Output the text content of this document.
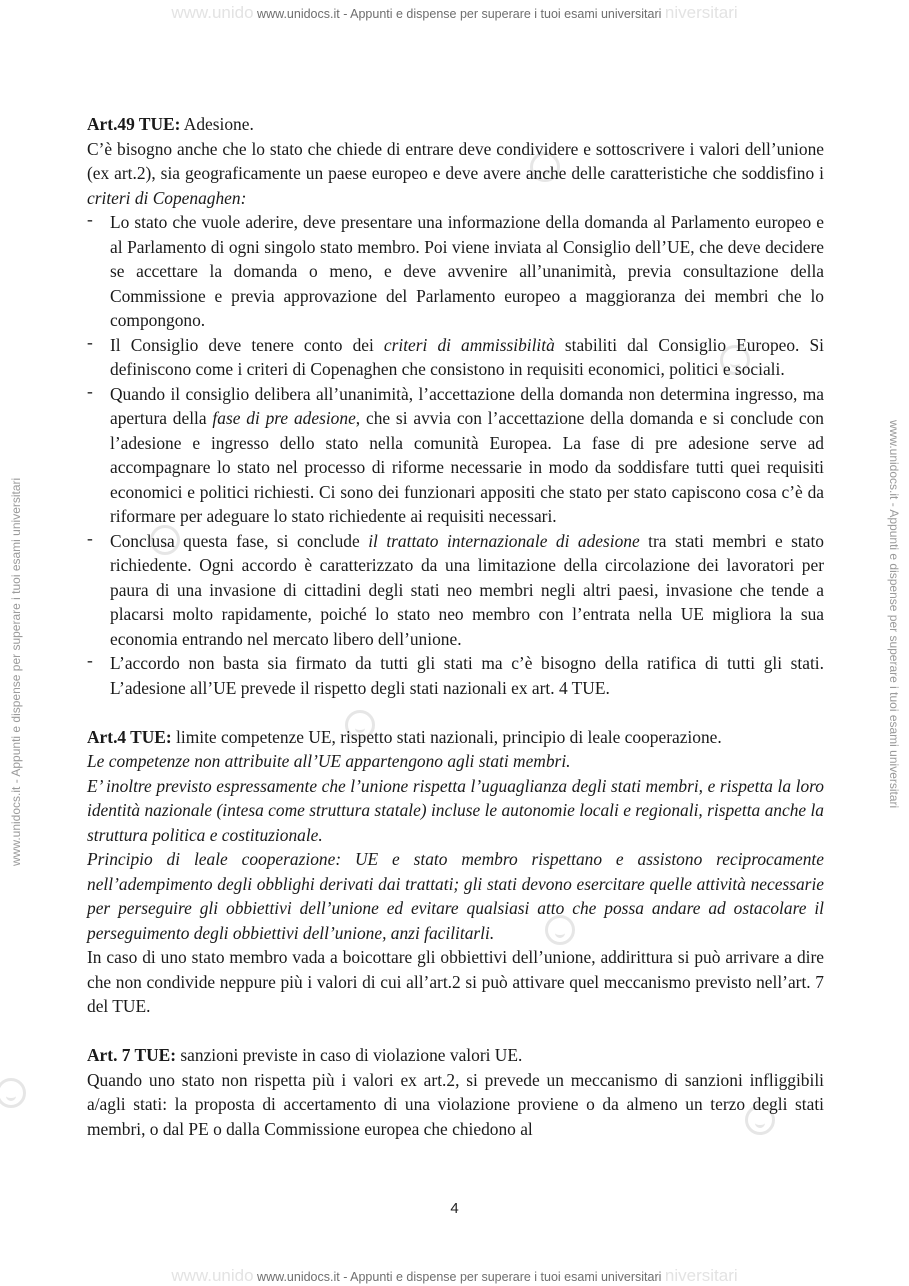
www.unido www.unidocs.it - Appunti e dispense per superare i tuoi esami universitari niversitari
www.unidocs.it - Appunti e dispense per superare i tuoi esami universitari	www.unidocs.it - Appunti e dispense per superare i tuoi esami universitari

Art.49 TUE: Adesione.

C’è bisogno anche che lo stato che chiede di entrare deve condividere e sottoscrivere i valori dell’unione (ex art.2), sia geograficamente un paese europeo e deve avere anche delle caratteristiche che soddisfino i criteri di Copenaghen:

- Lo stato che vuole aderire, deve presentare una informazione della domanda al Parlamento europeo e al Parlamento di ogni singolo stato membro. Poi viene inviata al Consiglio dell’UE, che deve decidere se accettare la domanda o meno, e deve avvenire all’unanimità, previa consultazione della Commissione e previa approvazione del Parlamento europeo a maggioranza dei membri che lo compongono.
- Il Consiglio deve tenere conto dei criteri di ammissibilità stabiliti dal Consiglio Europeo. Si definiscono come i criteri di Copenaghen che consistono in requisiti economici, politici e sociali.
- Quando il consiglio delibera all’unanimità, l’accettazione della domanda non determina ingresso, ma apertura della fase di pre adesione, che si avvia con l’accettazione della domanda e si conclude con l’adesione e ingresso dello stato nella comunità Europea. La fase di pre adesione serve ad accompagnare lo stato nel processo di riforme necessarie in modo da soddisfare tutti quei requisiti economici e politici richiesti. Ci sono dei funzionari appositi che stato per stato capiscono cosa c’è da riformare per adeguare lo stato richiedente ai requisiti necessari.
- Conclusa questa fase, si conclude il trattato internazionale di adesione tra stati membri e stato richiedente. Ogni accordo è caratterizzato da una limitazione della circolazione dei lavoratori per paura di una invasione di cittadini degli stati neo membri negli altri paesi, invasione che tende a placarsi molto rapidamente, poiché lo stato neo membro con l’entrata nella UE migliora la sua economia entrando nel mercato libero dell’unione.
- L’accordo non basta sia firmato da tutti gli stati ma c’è bisogno della ratifica di tutti gli stati. L’adesione all’UE prevede il rispetto degli stati nazionali ex art. 4 TUE.

Art.4 TUE: limite competenze UE, rispetto stati nazionali, principio di leale cooperazione.

Le competenze non attribuite all’UE appartengono agli stati membri.

E’ inoltre previsto espressamente che l’unione rispetta l’uguaglianza degli stati membri, e rispetta la loro identità nazionale (intesa come struttura statale) incluse le autonomie locali e regionali, rispetta anche la struttura politica e costituzionale.

Principio di leale cooperazione: UE e stato membro rispettano e assistono reciprocamente nell’adempimento degli obblighi derivati dai trattati; gli stati devono esercitare quelle attività necessarie per perseguire gli obbiettivi dell’unione ed evitare qualsiasi atto che possa andare ad ostacolare il perseguimento degli obbiettivi dell’unione, anzi facilitarli.

In caso di uno stato membro vada a boicottare gli obbiettivi dell’unione, addirittura si può arrivare a dire che non condivide neppure più i valori di cui all’art.2 si può attivare quel meccanismo previsto nell’art. 7 del TUE.

Art. 7 TUE: sanzioni previste in caso di violazione valori UE.

Quando uno stato non rispetta più i valori ex art.2, si prevede un meccanismo di sanzioni infliggibili a/agli stati: la proposta di accertamento di una violazione proviene o da almeno un terzo degli stati membri, o dal PE o dalla Commissione europea che chiedono al

4
www.unido www.unidocs.it - Appunti e dispense per superare i tuoi esami universitari niversitari
